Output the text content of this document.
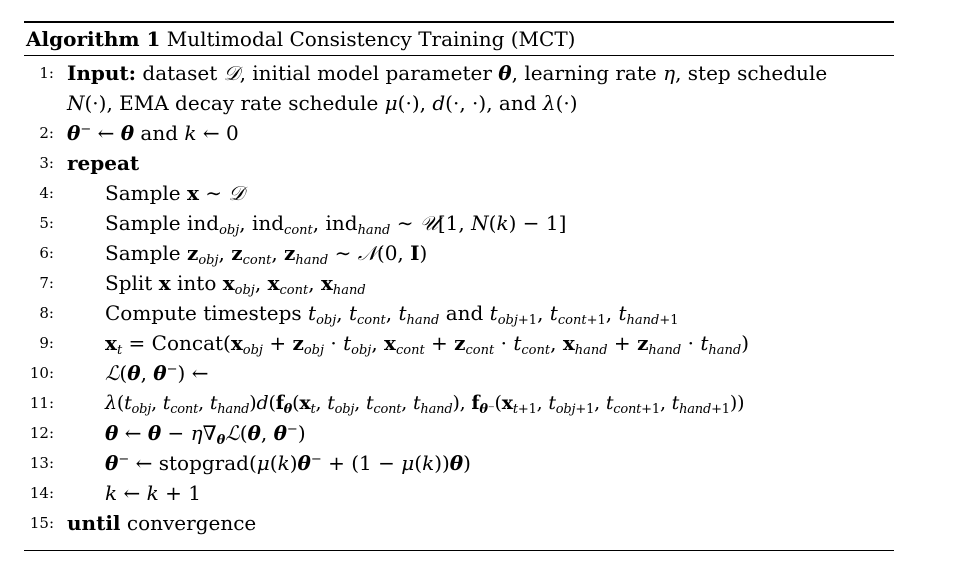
Algorithm 1 Multimodal Consistency Training (MCT)
1: Input: dataset 𝒟, initial model parameter θ, learning rate η, step schedule
N(·), EMA decay rate schedule μ(·), d(·, ·), and λ(·)
2: θ− ← θ and k ← 0
3: repeat
4:	Sample x ∼ 𝒟
5:	Sample ind$_{obj}$, ind$_{cont}$, ind$_{hand}$ ∼ 𝒰[1, N(k) − 1]
6:	Sample $z_{obj}$, $z_{cont}$, $z_{hand}$ ∼ 𝒩(0, I)
7:	Split x into $x_{obj}$, $x_{cont}$, $x_{hand}$
8:	Compute timesteps $t_{obj}$, $t_{cont}$, $t_{hand}$ and $t_{obj+1}$, $t_{cont+1}$, $t_{hand+1}$
9:	$x_t$ = $Concat(x_{obj} + z_{obj} \cdot t_{obj}$, $x_{cont} + z_{cont} \cdot t_{cont}$, $x_{hand} + z_{hand} \cdot t_{hand}$)
10:	ℒ(θ, θ−) ←
11:	$\lambda(t_{obj}$, $t_{cont}$, $t_{hand})d(f_\theta(x_t$, $t_{obj}$, $t_{cont}$, $t_{hand}$), $f_{\theta^-}(x_{t+1}$, $t_{obj+1}$, $t_{cont+1}$, $t_{hand+1}$))
12:	θ ← $\theta - \eta\nabla_\theta ℒ(\theta$, θ−)
13:	θ− ← stopgrad(μ(k)θ− + (1 − μ(k))θ)
14:	k ← k + 1
15: until convergence
